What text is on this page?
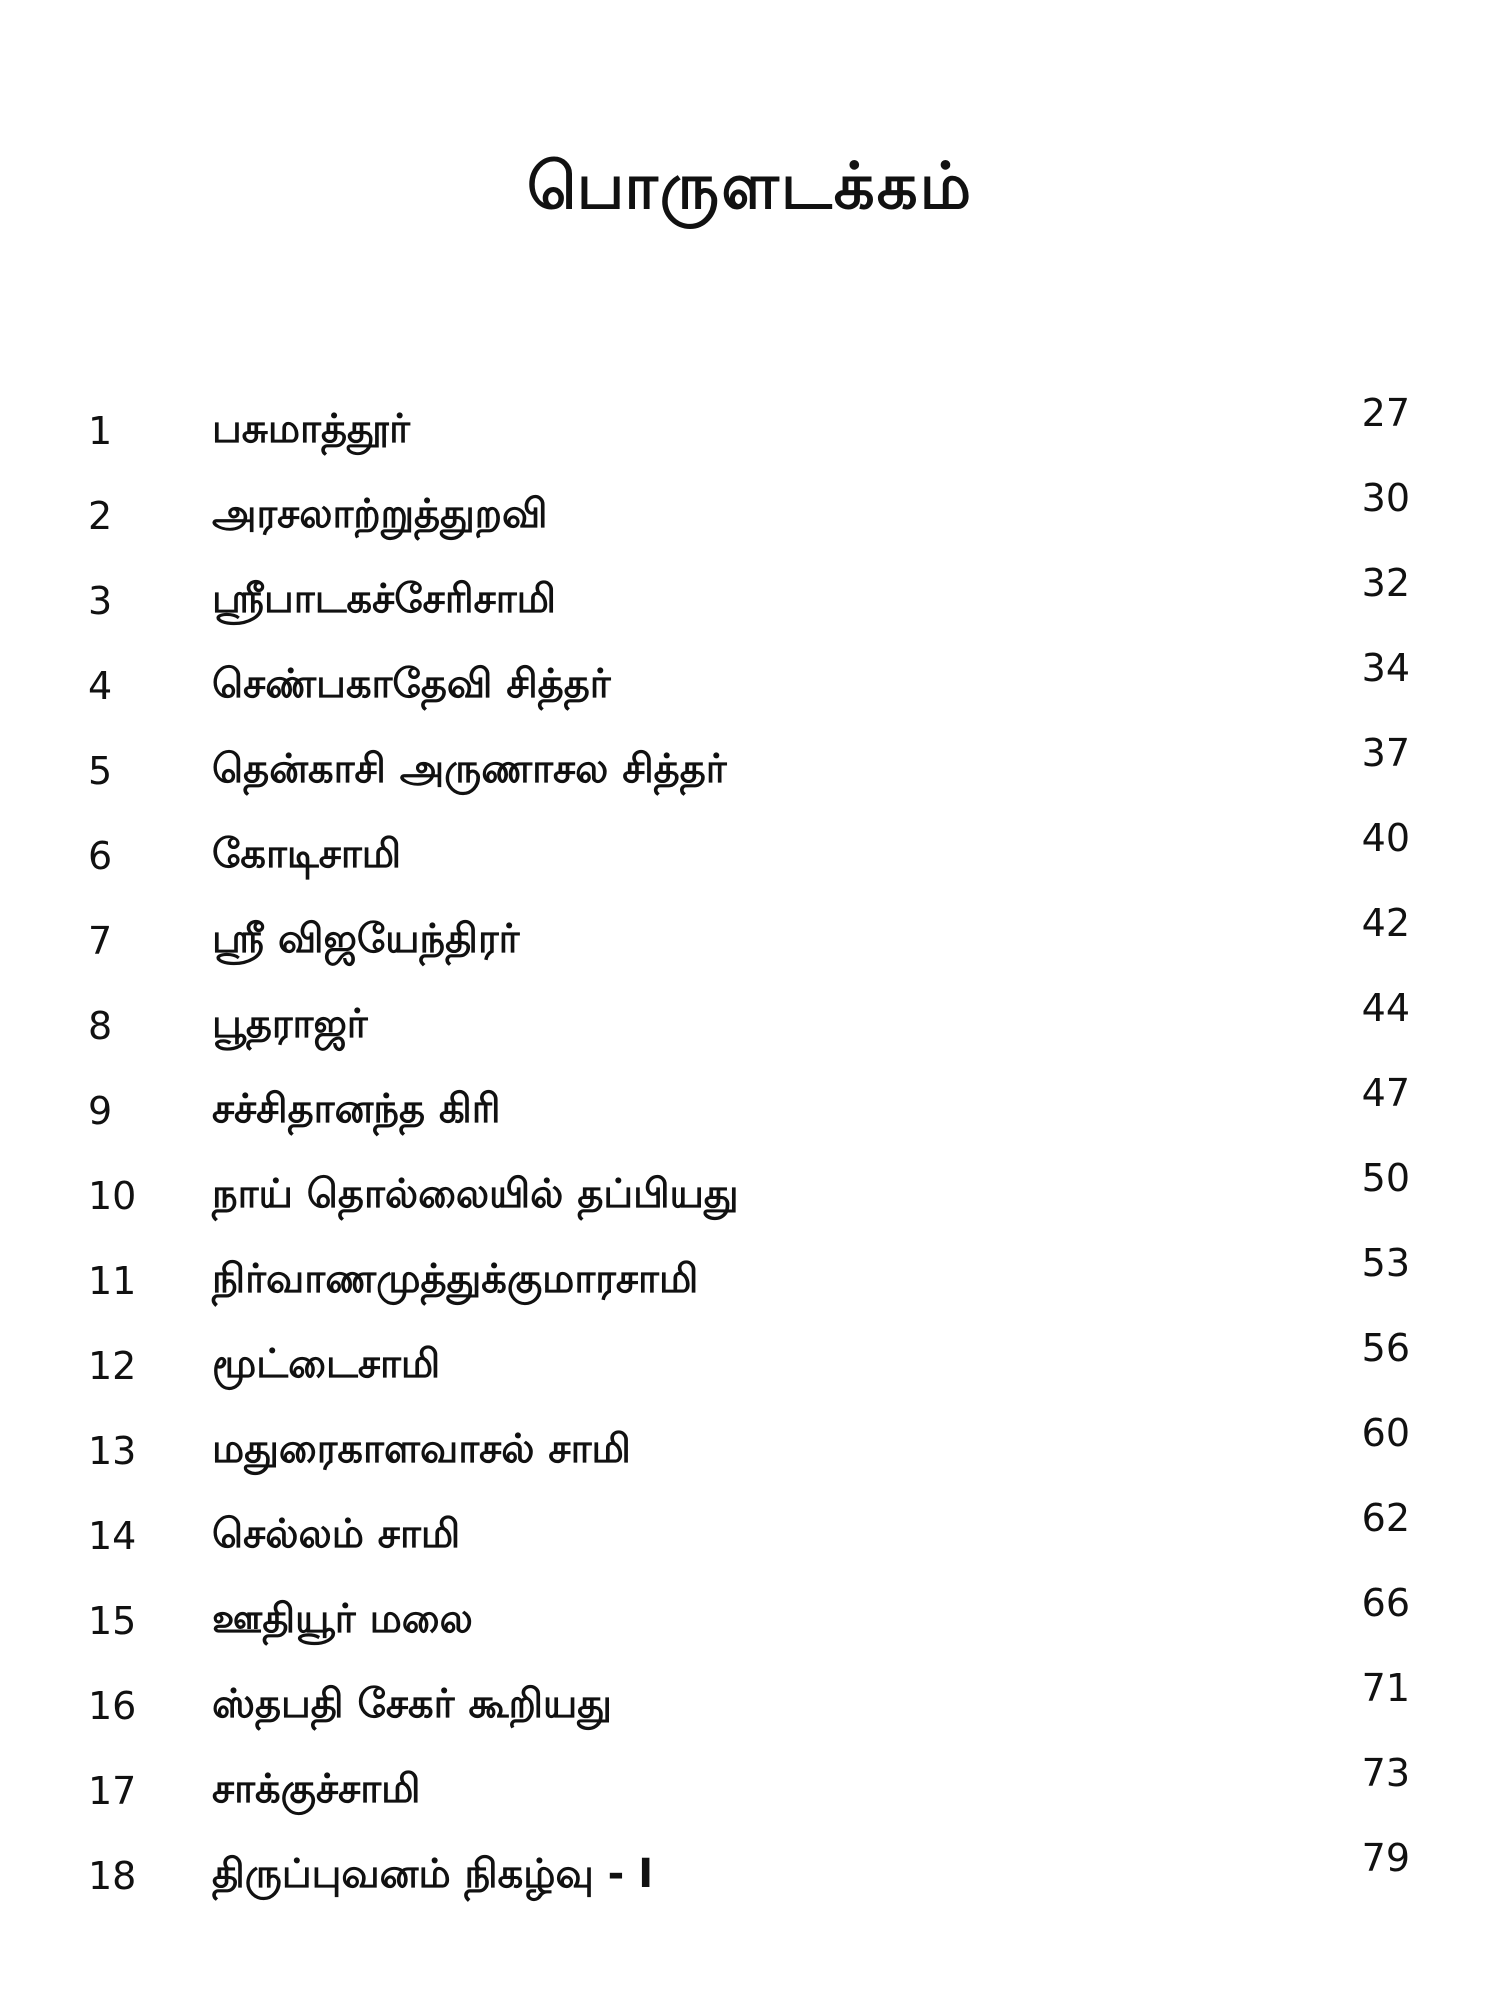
பொருளடக்கம்
1 பசுமாத்தூர்	27
2 அரசலாற்றுத்துறவி	30
3 ஸ்ரீபாடகச்சேரிசாமி	32
4 செண்பகாதேவி சித்தர்	34
5 தென்காசி அருணாசல சித்தர்	37
6 கோடிசாமி	40
7 ஸ்ரீ விஜயேந்திரர்	42
8 பூதராஜர்	44
9 சச்சிதானந்த கிரி	47
10 நாய் தொல்லையில் தப்பியது	50
11 நிர்வாணமுத்துக்குமாரசாமி	53
12 மூட்டைசாமி	56
13 மதுரைகாளவாசல் சாமி	60
14 செல்லம் சாமி	62
15 ஊதியூர் மலை	66
16 ஸ்தபதி சேகர் கூறியது	71
17 சாக்குச்சாமி	73
18 திருப்புவனம் நிகழ்வு - I	79
